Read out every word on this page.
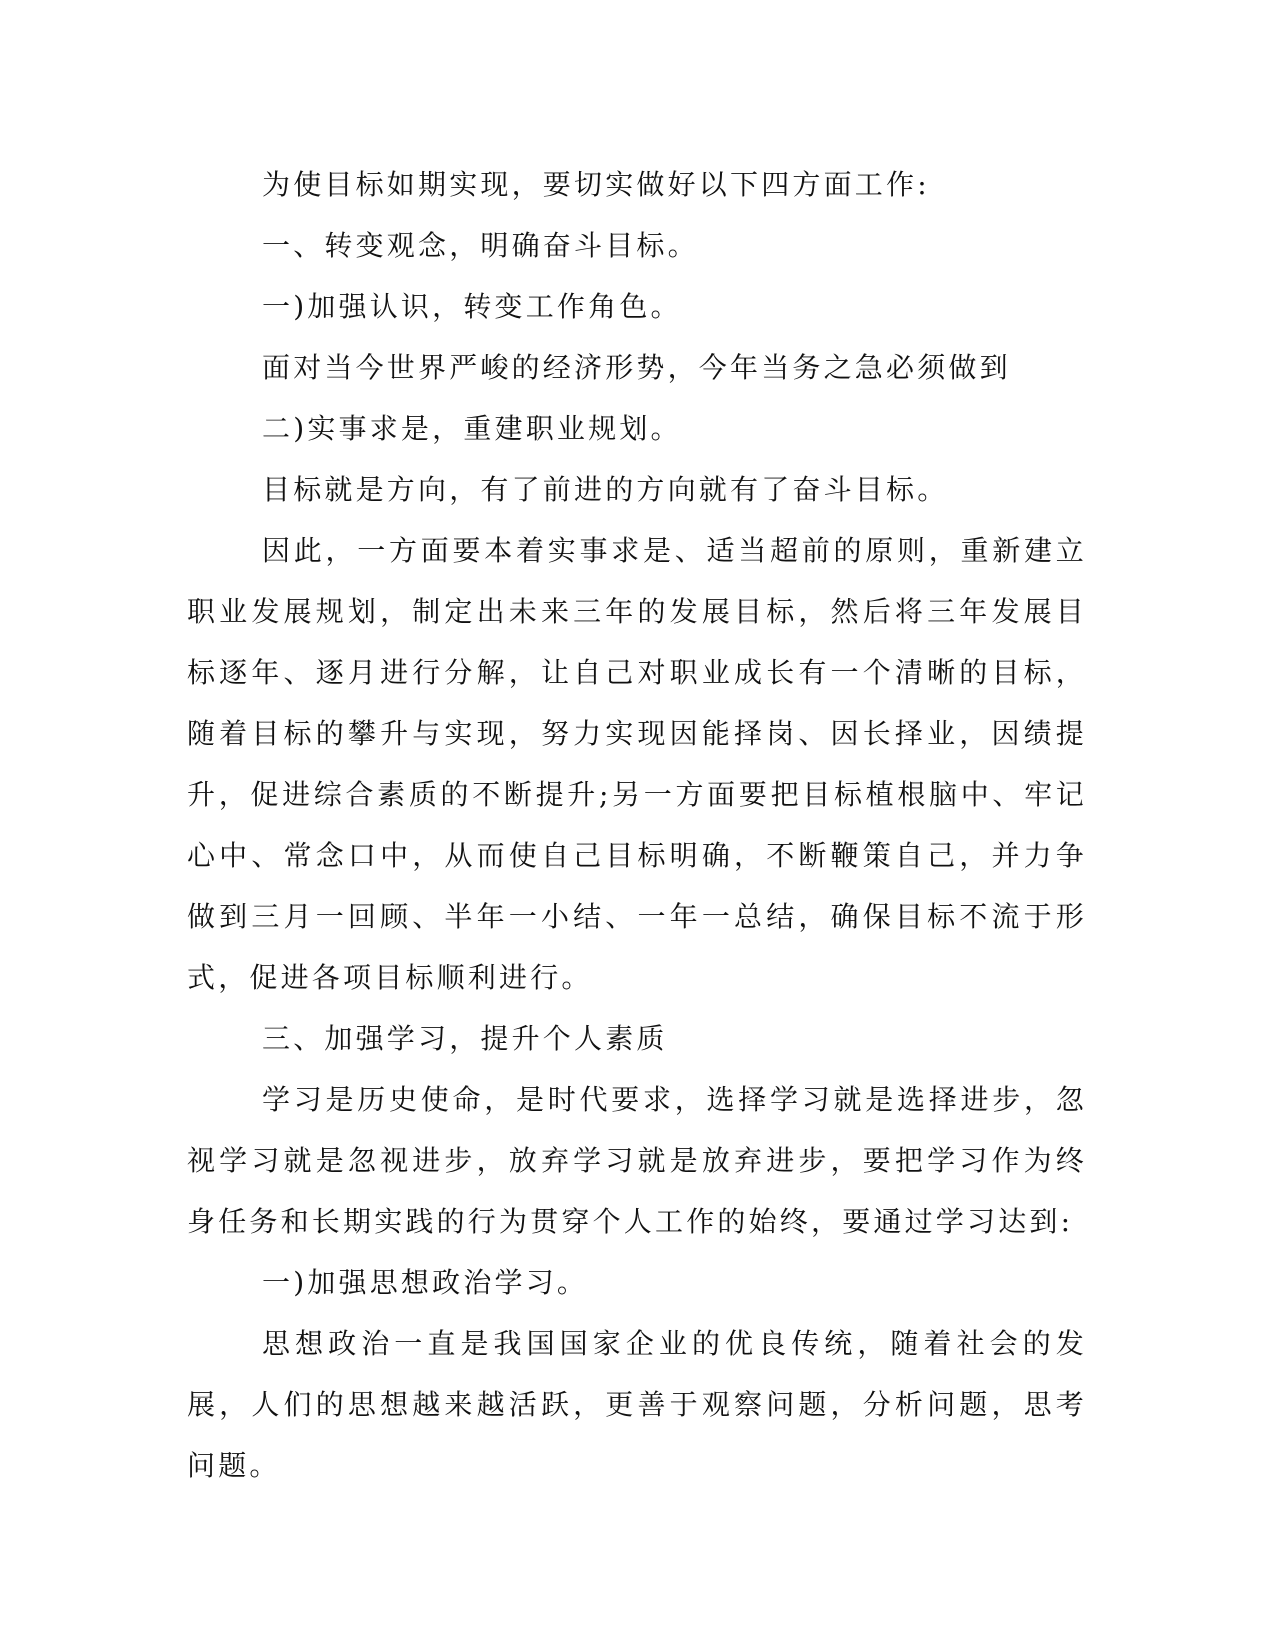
为使目标如期实现，要切实做好以下四方面工作:

一、转变观念，明确奋斗目标。

一)加强认识，转变工作角色。

面对当今世界严峻的经济形势，今年当务之急必须做到

二)实事求是，重建职业规划。

目标就是方向，有了前进的方向就有了奋斗目标。

因此，一方面要本着实事求是、适当超前的原则，重新建立职业发展规划，制定出未来三年的发展目标，然后将三年发展目标逐年、逐月进行分解，让自己对职业成长有一个清晰的目标，随着目标的攀升与实现，努力实现因能择岗、因长择业，因绩提升，促进综合素质的不断提升;另一方面要把目标植根脑中、牢记心中、常念口中，从而使自己目标明确，不断鞭策自己，并力争做到三月一回顾、半年一小结、一年一总结，确保目标不流于形式，促进各项目标顺利进行。

三、加强学习，提升个人素质

学习是历史使命，是时代要求，选择学习就是选择进步，忽视学习就是忽视进步，放弃学习就是放弃进步，要把学习作为终身任务和长期实践的行为贯穿个人工作的始终，要通过学习达到:

一)加强思想政治学习。

思想政治一直是我国国家企业的优良传统，随着社会的发展，人们的思想越来越活跃，更善于观察问题，分析问题，思考问题。
